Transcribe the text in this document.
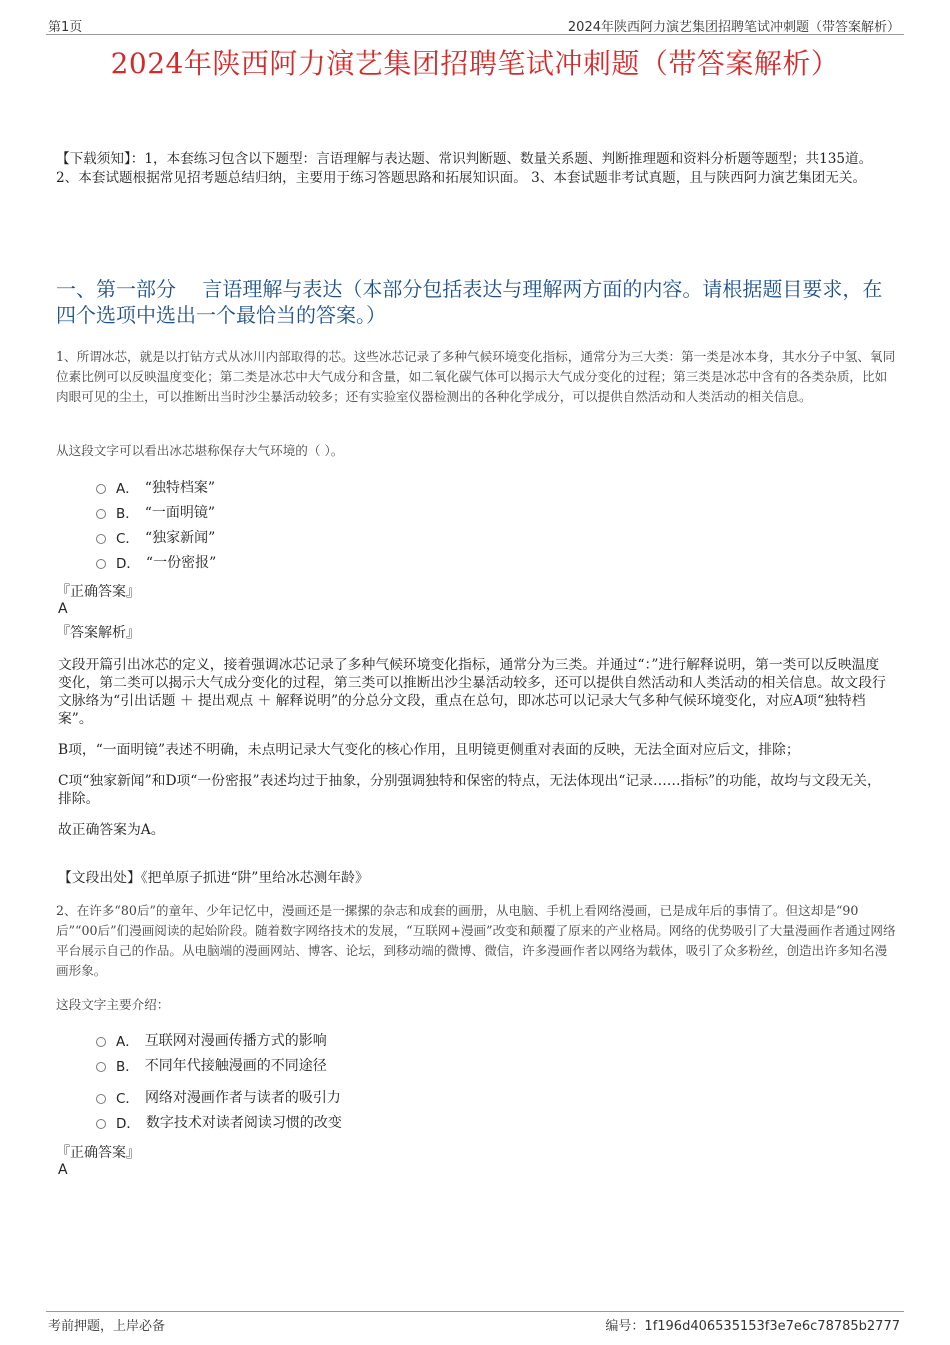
第1页	2024年陕西阿力演艺集团招聘笔试冲刺题（带答案解析）
2024年陕西阿力演艺集团招聘笔试冲刺题（带答案解析）
【下载须知】：1，本套练习包含以下题型：言语理解与表达题、常识判断题、数量关系题、判断推理题和资料分析题等题型；共135道。 2、本套试题根据常见招考题总结归纳，主要用于练习答题思路和拓展知识面。 3、本套试题非考试真题，且与陕西阿力演艺集团无关。
一、第一部分　 言语理解与表达（本部分包括表达与理解两方面的内容。请根据题目要求，在四个选项中选出一个最恰当的答案。）
1、所谓冰芯，就是以打钻方式从冰川内部取得的芯。这些冰芯记录了多种气候环境变化指标，通常分为三大类：第一类是冰本身，其水分子中氢、氧同位素比例可以反映温度变化；第二类是冰芯中大气成分和含量，如二氧化碳气体可以揭示大气成分变化的过程；第三类是冰芯中含有的各类杂质，比如肉眼可见的尘土，可以推断出当时沙尘暴活动较多；还有实验室仪器检测出的各种化学成分，可以提供自然活动和人类活动的相关信息。
从这段文字可以看出冰芯堪称保存大气环境的（ ）。
A． “独特档案”
B． “一面明镜”
C． “独家新闻”
D． “一份密报”
『正确答案』
A
『答案解析』

文段开篇引出冰芯的定义，接着强调冰芯记录了多种气候环境变化指标，通常分为三类。并通过“：”进行解释说明，第一类可以反映温度变化，第二类可以揭示大气成分变化的过程，第三类可以推断出沙尘暴活动较多，还可以提供自然活动和人类活动的相关信息。故文段行文脉络为“引出话题 ＋ 提出观点 ＋ 解释说明”的分总分文段，重点在总句，即冰芯可以记录大气多种气候环境变化，对应A项“独特档案”。

B项，“一面明镜”表述不明确，未点明记录大气变化的核心作用，且明镜更侧重对表面的反映，无法全面对应后文，排除；

C项“独家新闻”和D项“一份密报”表述均过于抽象，分别强调独特和保密的特点，无法体现出“记录……指标”的功能，故均与文段无关，排除。

故正确答案为A。

【文段出处】《把单原子抓进“阱”里给冰芯测年龄》
2、在许多“80后”的童年、少年记忆中，漫画还是一摞摞的杂志和成套的画册，从电脑、手机上看网络漫画，已是成年后的事情了。但这却是“90后”“00后”们漫画阅读的起始阶段。随着数字网络技术的发展，“互联网+漫画”改变和颠覆了原来的产业格局。网络的优势吸引了大量漫画作者通过网络平台展示自己的作品。从电脑端的漫画网站、博客、论坛，到移动端的微博、微信，许多漫画作者以网络为载体，吸引了众多粉丝，创造出许多知名漫画形象。
这段文字主要介绍：
A． 互联网对漫画传播方式的影响
B． 不同年代接触漫画的不同途径
C． 网络对漫画作者与读者的吸引力
D． 数字技术对读者阅读习惯的改变
『正确答案』
A
考前押题，上岸必备	编号：1f196d406535153f3e7e6c78785b2777
